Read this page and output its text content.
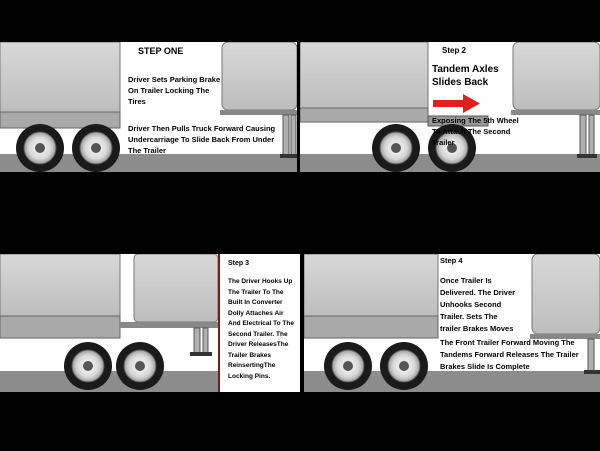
STEP ONE

Driver Sets Parking Brake On Trailer Locking The Tires

Driver Then Pulls Truck Forward Causing Undercarriage To Slide Back From Under The Trailer

Step 2

Tandem Axles Slides Back

Exposing The 5th Wheel To Attach The Second Trailer

Step 3

The Driver Hooks Up The Trailer To The Built In Converter Dolly Attaches Air And Electrical To The Second Trailer. The Driver ReleasesThe Trailer Brakes ReinsertingThe Locking Pins.

Step 4

Once Trailer Is Delivered. The Driver Unhooks Second Trailer. Sets The trailer Brakes Moves

The Front Trailer Forward Moving The Tandems Forward Releases The Trailer Brakes Slide Is Complete
